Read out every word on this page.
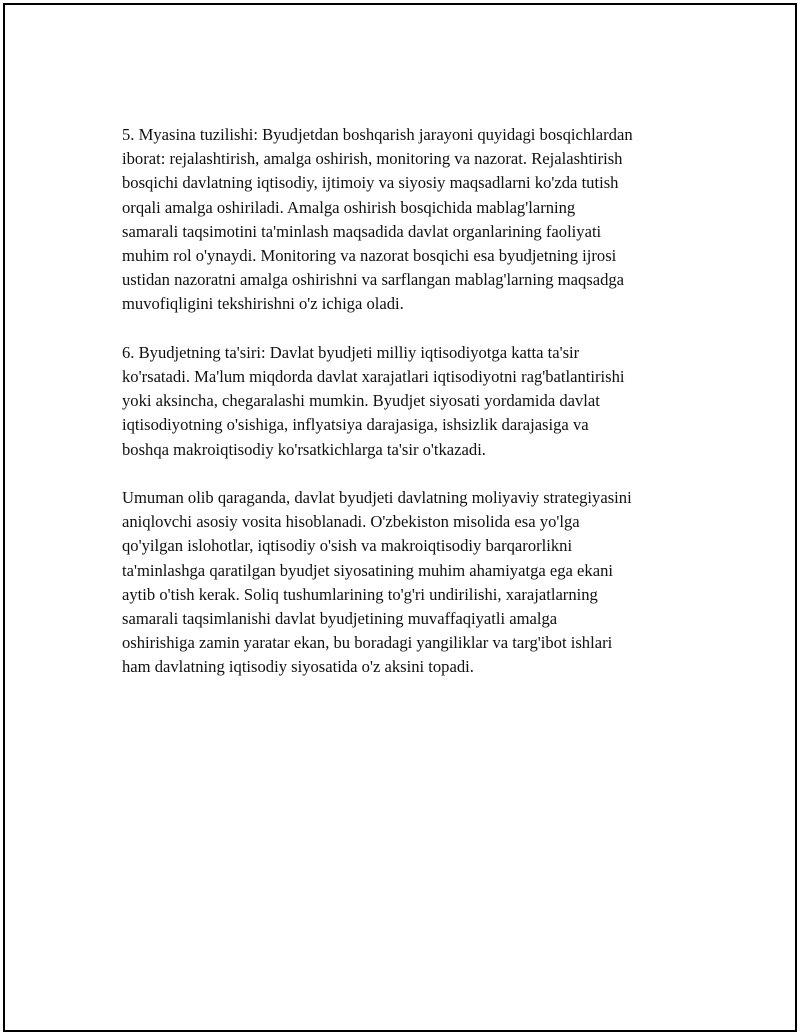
5. Myasina tuzilishi: Byudjetdan boshqarish jarayoni quyidagi bosqichlardan
iborat: rejalashtirish, amalga oshirish, monitoring va nazorat. Rejalashtirish
bosqichi davlatning iqtisodiy, ijtimoiy va siyosiy maqsadlarni ko'zda tutish
orqali amalga oshiriladi. Amalga oshirish bosqichida mablag'larning
samarali taqsimotini ta'minlash maqsadida davlat organlarining faoliyati
muhim rol o'ynaydi. Monitoring va nazorat bosqichi esa byudjetning ijrosi
ustidan nazoratni amalga oshirishni va sarflangan mablag'larning maqsadga
muvofiqligini tekshirishni o'z ichiga oladi.

6. Byudjetning ta'siri: Davlat byudjeti milliy iqtisodiyotga katta ta'sir
ko'rsatadi. Ma'lum miqdorda davlat xarajatlari iqtisodiyotni rag'batlantirishi
yoki aksincha, chegaralashi mumkin. Byudjet siyosati yordamida davlat
iqtisodiyotning o'sishiga, inflyatsiya darajasiga, ishsizlik darajasiga va
boshqa makroiqtisodiy ko'rsatkichlarga ta'sir o'tkazadi.

Umuman olib qaraganda, davlat byudjeti davlatning moliyaviy strategiyasini
aniqlovchi asosiy vosita hisoblanadi. O'zbekiston misolida esa yo'lga
qo'yilgan islohotlar, iqtisodiy o'sish va makroiqtisodiy barqarorlikni
ta'minlashga qaratilgan byudjet siyosatining muhim ahamiyatga ega ekani
aytib o'tish kerak. Soliq tushumlarining to'g'ri undirilishi, xarajatlarning
samarali taqsimlanishi davlat byudjetining muvaffaqiyatli amalga
oshirishiga zamin yaratar ekan, bu boradagi yangiliklar va targ'ibot ishlari
ham davlatning iqtisodiy siyosatida o'z aksini topadi.
